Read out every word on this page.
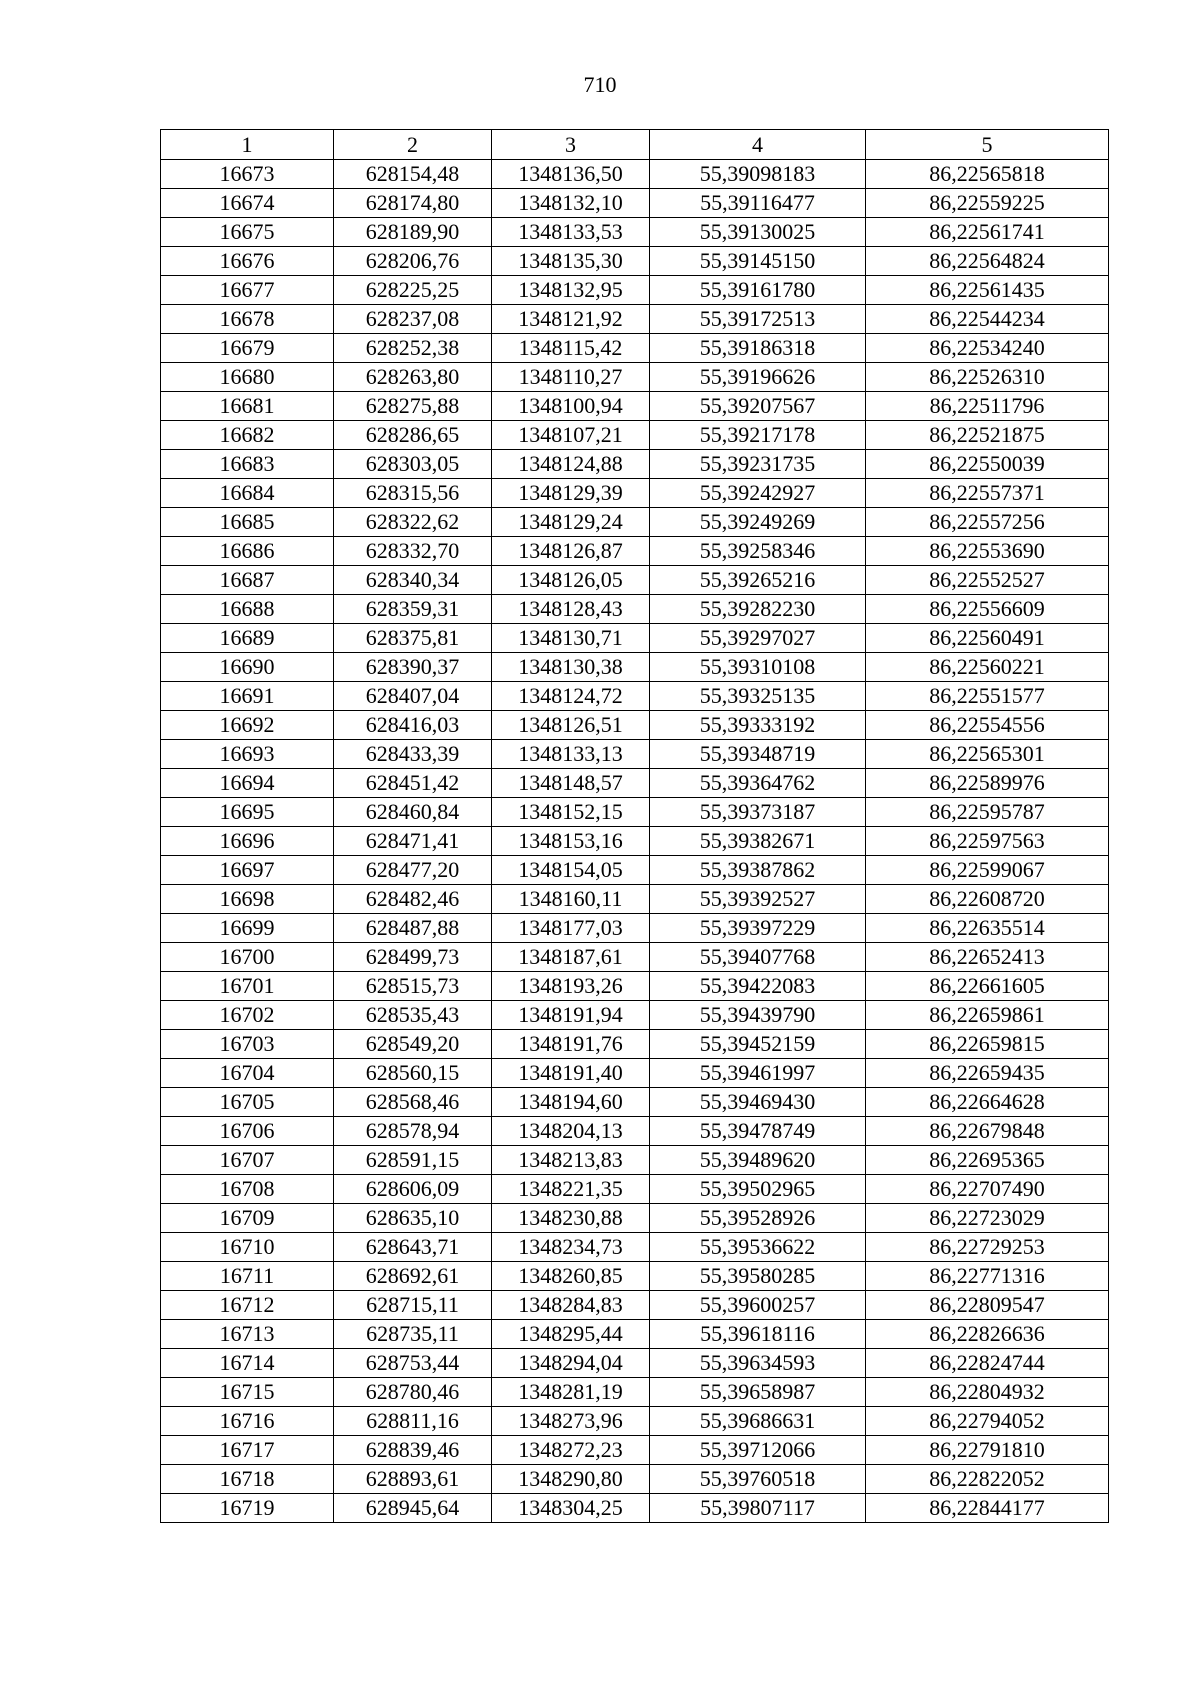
710
1	2	3	4	5
16673	628154,48	1348136,50	55,39098183	86,22565818
16674	628174,80	1348132,10	55,39116477	86,22559225
16675	628189,90	1348133,53	55,39130025	86,22561741
16676	628206,76	1348135,30	55,39145150	86,22564824
16677	628225,25	1348132,95	55,39161780	86,22561435
16678	628237,08	1348121,92	55,39172513	86,22544234
16679	628252,38	1348115,42	55,39186318	86,22534240
16680	628263,80	1348110,27	55,39196626	86,22526310
16681	628275,88	1348100,94	55,39207567	86,22511796
16682	628286,65	1348107,21	55,39217178	86,22521875
16683	628303,05	1348124,88	55,39231735	86,22550039
16684	628315,56	1348129,39	55,39242927	86,22557371
16685	628322,62	1348129,24	55,39249269	86,22557256
16686	628332,70	1348126,87	55,39258346	86,22553690
16687	628340,34	1348126,05	55,39265216	86,22552527
16688	628359,31	1348128,43	55,39282230	86,22556609
16689	628375,81	1348130,71	55,39297027	86,22560491
16690	628390,37	1348130,38	55,39310108	86,22560221
16691	628407,04	1348124,72	55,39325135	86,22551577
16692	628416,03	1348126,51	55,39333192	86,22554556
16693	628433,39	1348133,13	55,39348719	86,22565301
16694	628451,42	1348148,57	55,39364762	86,22589976
16695	628460,84	1348152,15	55,39373187	86,22595787
16696	628471,41	1348153,16	55,39382671	86,22597563
16697	628477,20	1348154,05	55,39387862	86,22599067
16698	628482,46	1348160,11	55,39392527	86,22608720
16699	628487,88	1348177,03	55,39397229	86,22635514
16700	628499,73	1348187,61	55,39407768	86,22652413
16701	628515,73	1348193,26	55,39422083	86,22661605
16702	628535,43	1348191,94	55,39439790	86,22659861
16703	628549,20	1348191,76	55,39452159	86,22659815
16704	628560,15	1348191,40	55,39461997	86,22659435
16705	628568,46	1348194,60	55,39469430	86,22664628
16706	628578,94	1348204,13	55,39478749	86,22679848
16707	628591,15	1348213,83	55,39489620	86,22695365
16708	628606,09	1348221,35	55,39502965	86,22707490
16709	628635,10	1348230,88	55,39528926	86,22723029
16710	628643,71	1348234,73	55,39536622	86,22729253
16711	628692,61	1348260,85	55,39580285	86,22771316
16712	628715,11	1348284,83	55,39600257	86,22809547
16713	628735,11	1348295,44	55,39618116	86,22826636
16714	628753,44	1348294,04	55,39634593	86,22824744
16715	628780,46	1348281,19	55,39658987	86,22804932
16716	628811,16	1348273,96	55,39686631	86,22794052
16717	628839,46	1348272,23	55,39712066	86,22791810
16718	628893,61	1348290,80	55,39760518	86,22822052
16719	628945,64	1348304,25	55,39807117	86,22844177
